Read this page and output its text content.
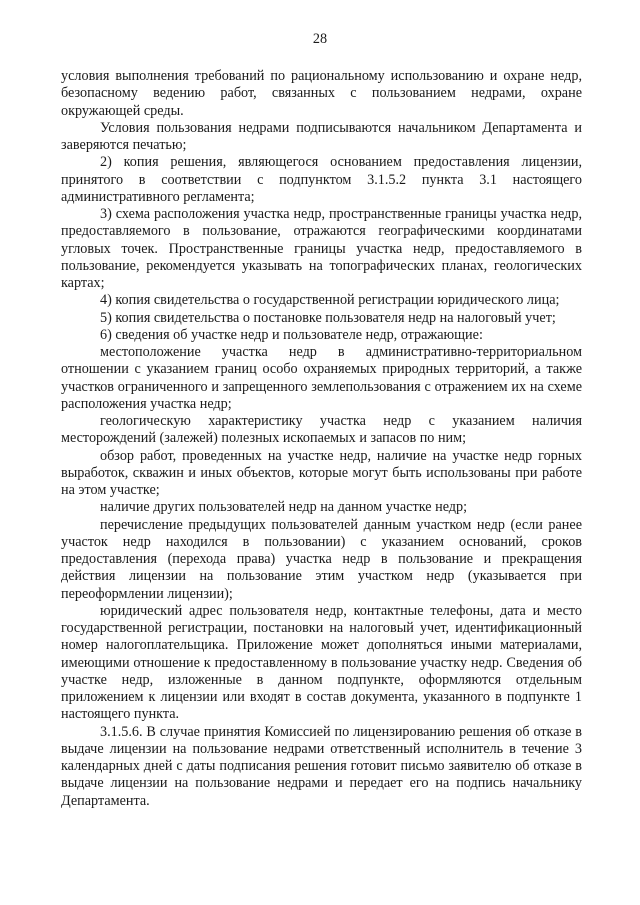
28

условия выполнения требований по рациональному использованию и охране недр, безопасному ведению работ, связанных с пользованием недрами, охране окружающей среды.

Условия пользования недрами подписываются начальником Департамента и заверяются печатью;

2) копия решения, являющегося основанием предоставления лицензии, принятого в соответствии с подпунктом 3.1.5.2 пункта 3.1 настоящего административного регламента;

3) схема расположения участка недр, пространственные границы участка недр, предоставляемого в пользование, отражаются географическими координатами угловых точек. Пространственные границы участка недр, предоставляемого в пользование, рекомендуется указывать на топографических планах, геологических картах;

4) копия свидетельства о государственной регистрации юридического лица;

5) копия свидетельства о постановке пользователя недр на налоговый учет;

6) сведения об участке недр и пользователе недр, отражающие:

местоположение участка недр в административно-территориальном отношении с указанием границ особо охраняемых природных территорий, а также участков ограниченного и запрещенного землепользования с отражением их на схеме расположения участка недр;

геологическую характеристику участка недр с указанием наличия месторождений (залежей) полезных ископаемых и запасов по ним;

обзор работ, проведенных на участке недр, наличие на участке недр горных выработок, скважин и иных объектов, которые могут быть использованы при работе на этом участке;

наличие других пользователей недр на данном участке недр;

перечисление предыдущих пользователей данным участком недр (если ранее участок недр находился в пользовании) с указанием оснований, сроков предоставления (перехода права) участка недр в пользование и прекращения действия лицензии на пользование этим участком недр (указывается при переоформлении лицензии);

юридический адрес пользователя недр, контактные телефоны, дата и место государственной регистрации, постановки на налоговый учет, идентификационный номер налогоплательщика. Приложение может дополняться иными материалами, имеющими отношение к предоставленному в пользование участку недр. Сведения об участке недр, изложенные в данном подпункте, оформляются отдельным приложением к лицензии или входят в состав документа, указанного в подпункте 1 настоящего пункта.

3.1.5.6. В случае принятия Комиссией по лицензированию решения об отказе в выдаче лицензии на пользование недрами ответственный исполнитель в течение 3 календарных дней с даты подписания решения готовит письмо заявителю об отказе в выдаче лицензии на пользование недрами и передает его на подпись начальнику Департамента.
